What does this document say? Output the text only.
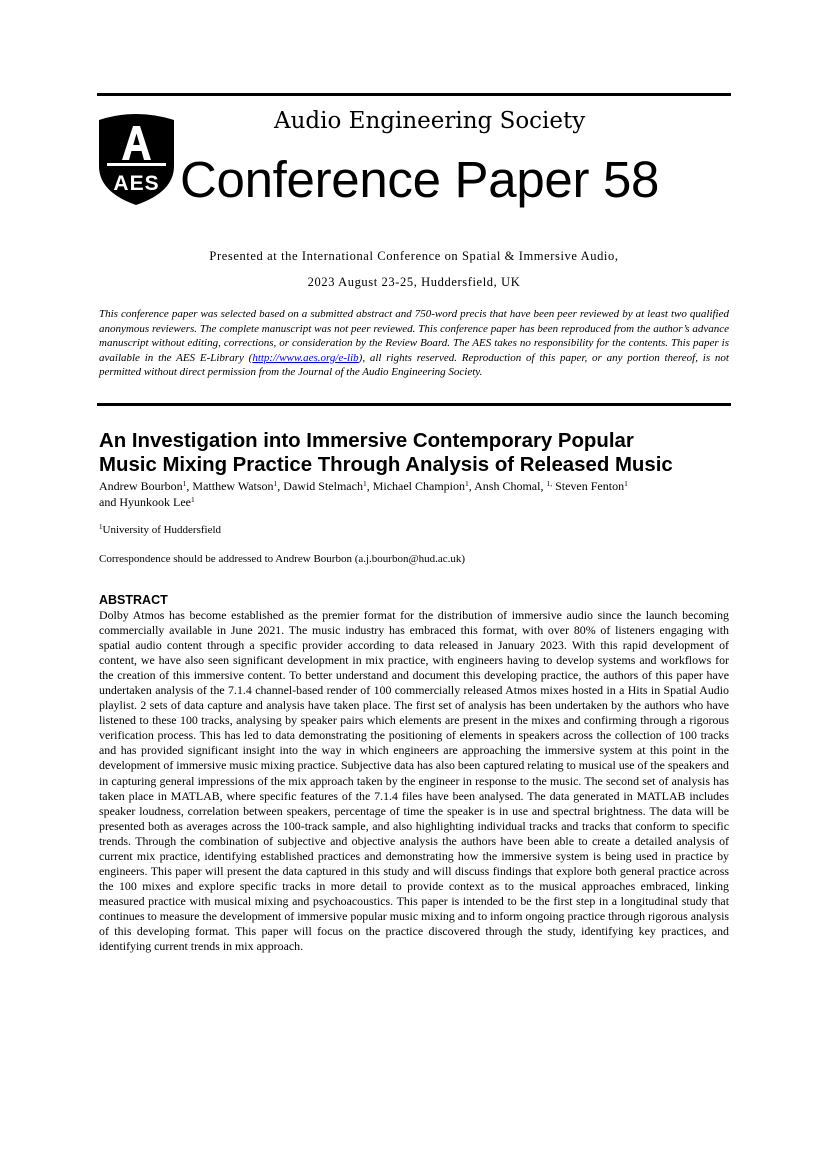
AES
Audio Engineering Society
Conference Paper 58
Presented at the International Conference on Spatial & Immersive Audio,
2023 August 23-25, Huddersfield, UK
This conference paper was selected based on a submitted abstract and 750-word precis that have been peer reviewed by at least two qualified anonymous reviewers. The complete manuscript was not peer reviewed. This conference paper has been reproduced from the author’s advance manuscript without editing, corrections, or consideration by the Review Board. The AES takes no responsibility for the contents. This paper is available in the AES E-Library (http://www.aes.org/e-lib), all rights reserved. Reproduction of this paper, or any portion thereof, is not permitted without direct permission from the Journal of the Audio Engineering Society.
An Investigation into Immersive Contemporary Popular
Music Mixing Practice Through Analysis of Released Music
Andrew Bourbon$^1$, Matthew Watson$^1$, Dawid Stelmach$^1$, Michael Champion$^1$, Ansh Chomal, $^{1,}$ Steven Fenton$^1$
and Hyunkook Lee$^1$
$^1$University of Huddersfield
Correspondence should be addressed to Andrew Bourbon (a.j.bourbon@hud.ac.uk)
ABSTRACT
Dolby Atmos has become established as the premier format for the distribution of immersive audio since the launch becoming commercially available in June 2021. The music industry has embraced this format, with over 80% of listeners engaging with spatial audio content through a specific provider according to data released in January 2023. With this rapid development of content, we have also seen significant development in mix practice, with engineers having to develop systems and workflows for the creation of this immersive content. To better understand and document this developing practice, the authors of this paper have undertaken analysis of the 7.1.4 channel-based render of 100 commercially released Atmos mixes hosted in a Hits in Spatial Audio playlist. 2 sets of data capture and analysis have taken place. The first set of analysis has been undertaken by the authors who have listened to these 100 tracks, analysing by speaker pairs which elements are present in the mixes and confirming through a rigorous verification process. This has led to data demonstrating the positioning of elements in speakers across the collection of 100 tracks and has provided significant insight into the way in which engineers are approaching the immersive system at this point in the development of immersive music mixing practice. Subjective data has also been captured relating to musical use of the speakers and in capturing general impressions of the mix approach taken by the engineer in response to the music. The second set of analysis has taken place in MATLAB, where specific features of the 7.1.4 files have been analysed. The data generated in MATLAB includes speaker loudness, correlation between speakers, percentage of time the speaker is in use and spectral brightness. The data will be presented both as averages across the 100-track sample, and also highlighting individual tracks and tracks that conform to specific trends. Through the combination of subjective and objective analysis the authors have been able to create a detailed analysis of current mix practice, identifying established practices and demonstrating how the immersive system is being used in practice by engineers. This paper will present the data captured in this study and will discuss findings that explore both general practice across the 100 mixes and explore specific tracks in more detail to provide context as to the musical approaches embraced, linking measured practice with musical mixing and psychoacoustics. This paper is intended to be the first step in a longitudinal study that continues to measure the development of immersive popular music mixing and to inform ongoing practice through rigorous analysis of this developing format. This paper will focus on the practice discovered through the study, identifying key practices, and identifying current trends in mix approach.
